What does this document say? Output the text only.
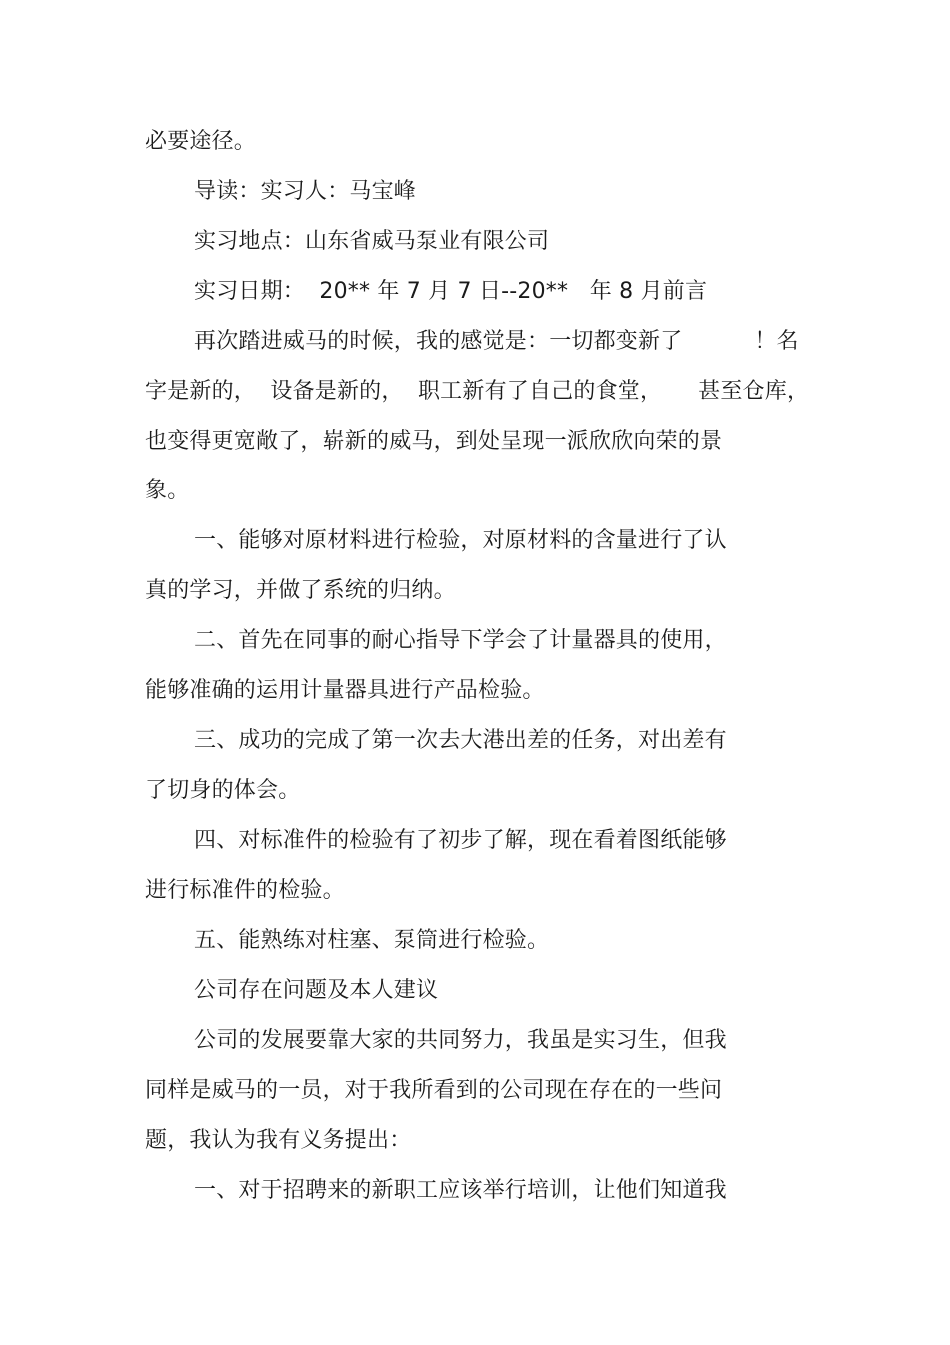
必要途径。
导读：实习人：马宝峰
实习地点：山东省威马泵业有限公司
实习日期：  20** 年 7 月 7 日--20**   年 8 月前言
再次踏进威马的时候，我的感觉是：一切都变新了          ！名
字是新的，  设备是新的，  职工新有了自己的食堂，     甚至仓库，
也变得更宽敞了，崭新的威马，到处呈现一派欣欣向荣的景
象。
一、能够对原材料进行检验，对原材料的含量进行了认
真的学习，并做了系统的归纳。
二、首先在同事的耐心指导下学会了计量器具的使用，
能够准确的运用计量器具进行产品检验。
三、成功的完成了第一次去大港出差的任务，对出差有
了切身的体会。
四、对标准件的检验有了初步了解，现在看着图纸能够
进行标准件的检验。
五、能熟练对柱塞、泵筒进行检验。
公司存在问题及本人建议
公司的发展要靠大家的共同努力，我虽是实习生，但我
同样是威马的一员，对于我所看到的公司现在存在的一些问
题，我认为我有义务提出：
一、对于招聘来的新职工应该举行培训，让他们知道我
